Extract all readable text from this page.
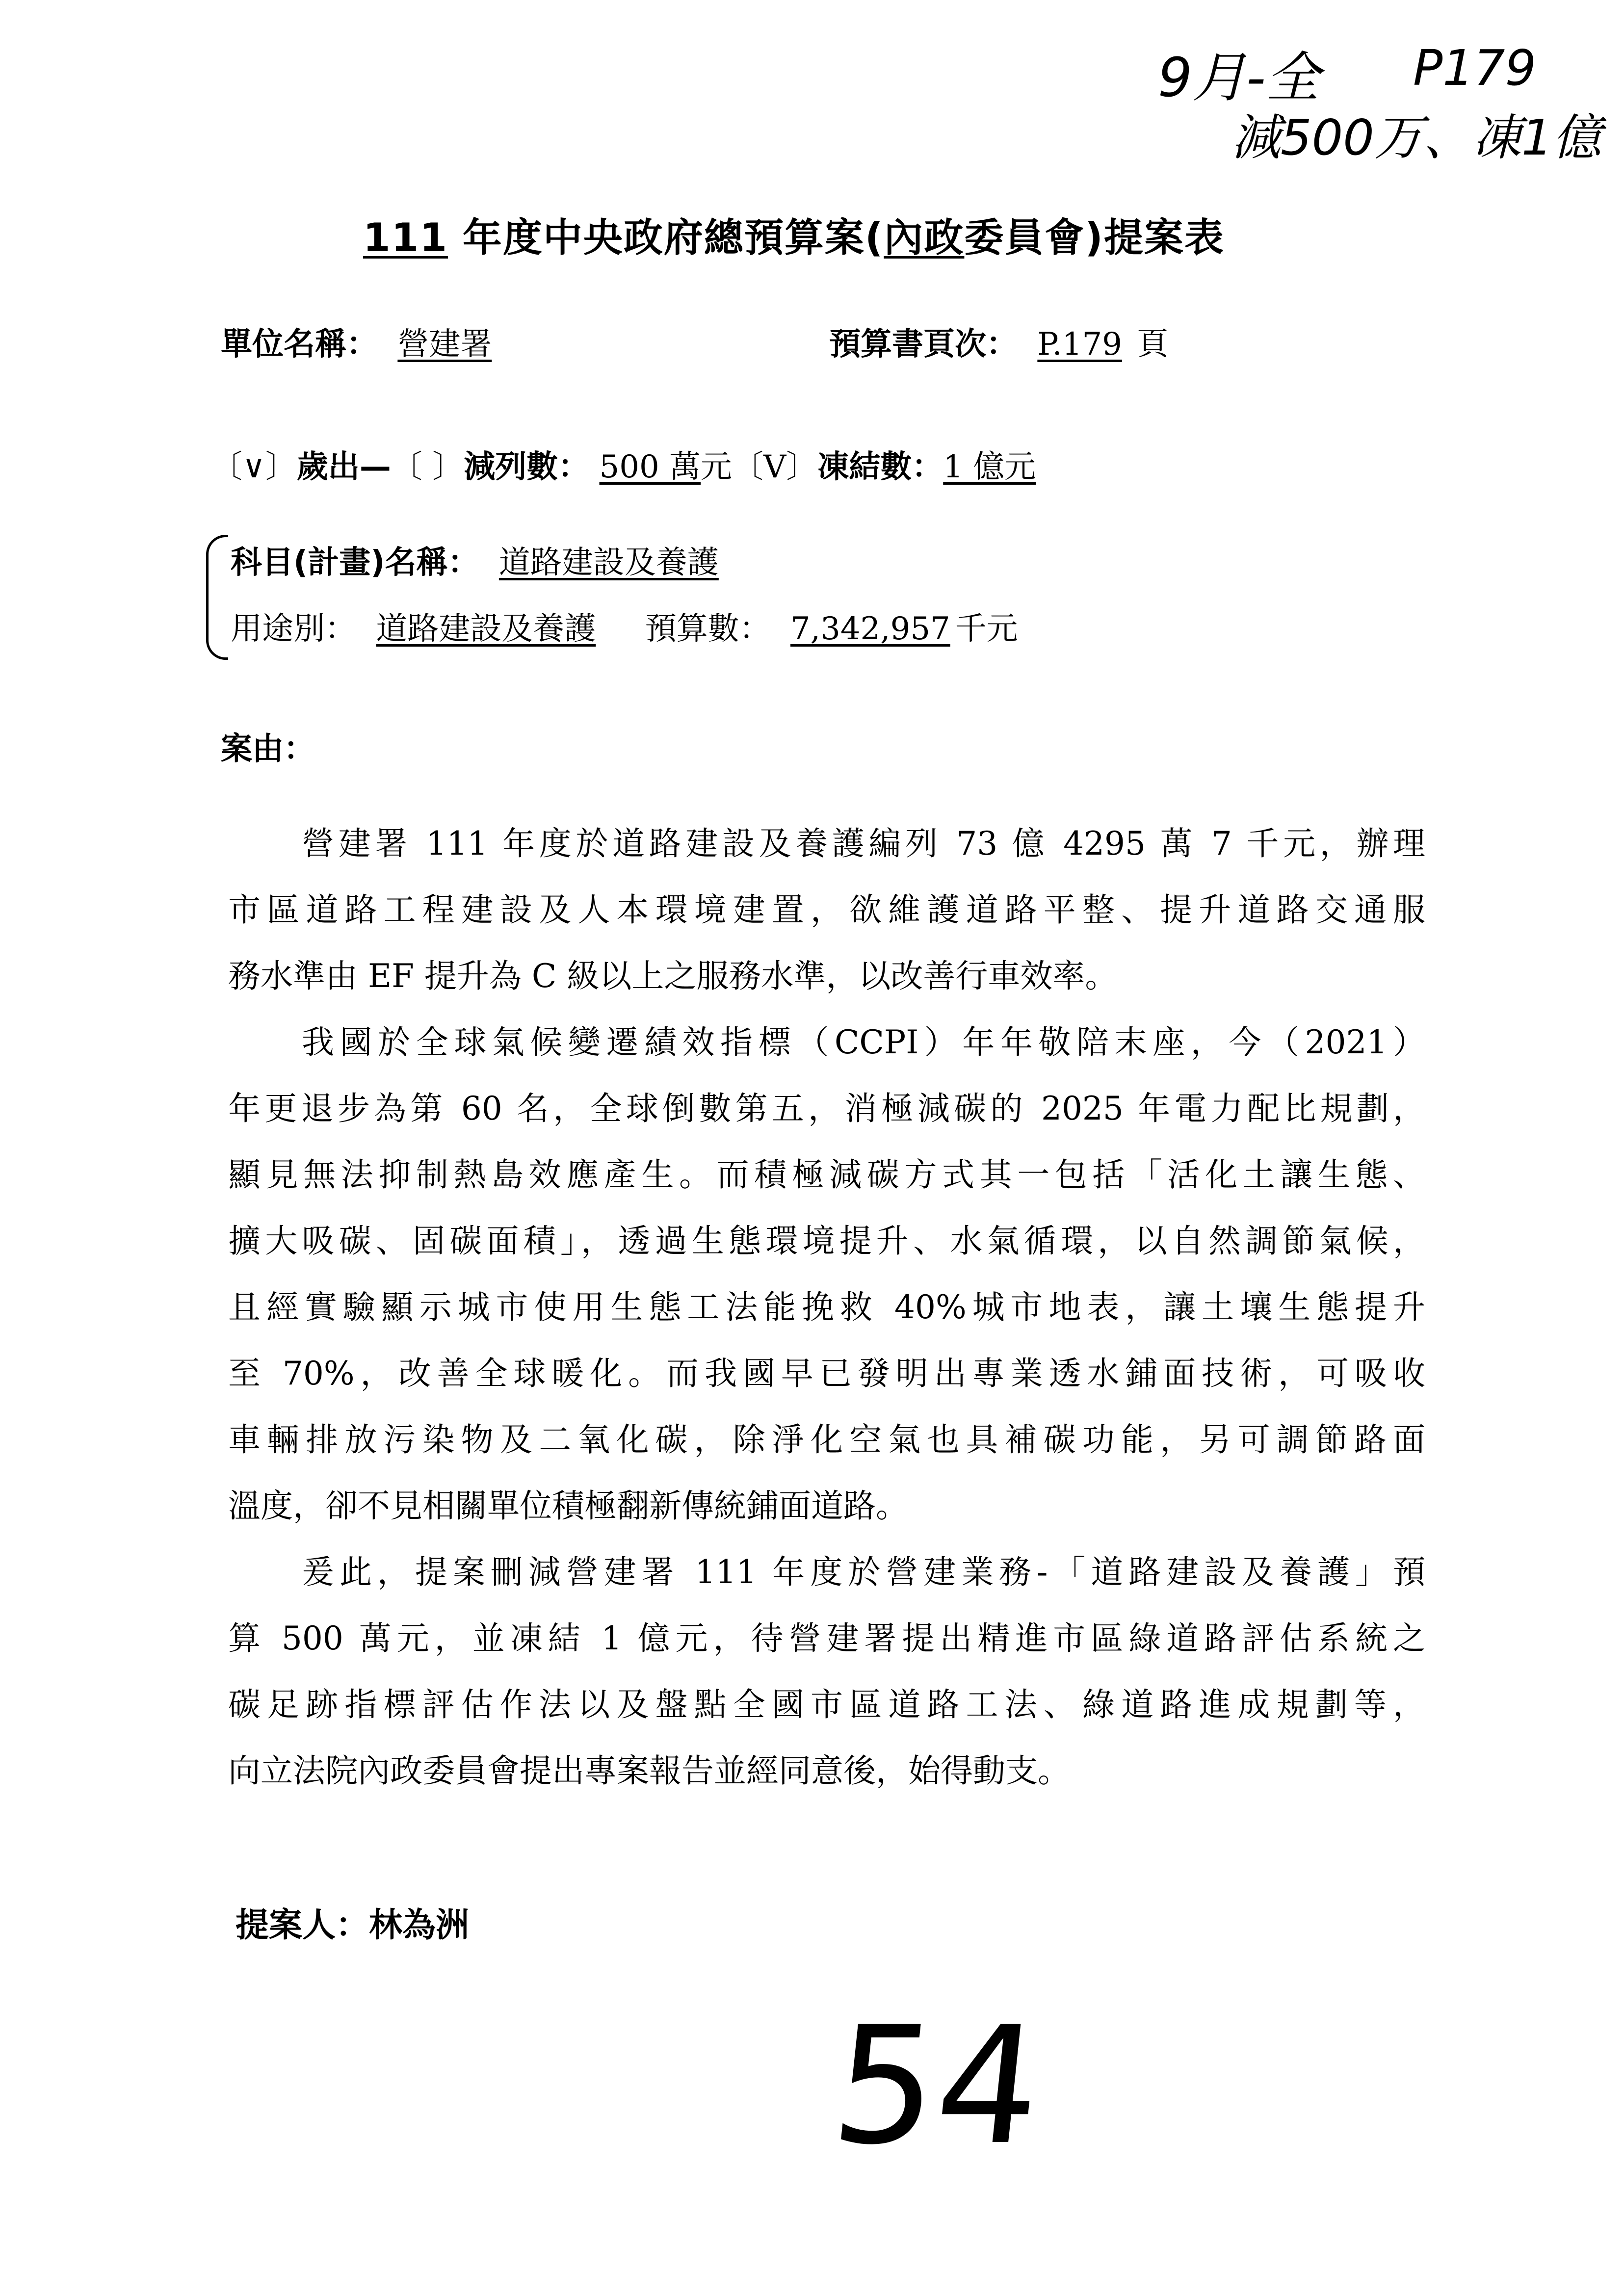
9月-全 P179
減500万、凍1億
111 年度中央政府總預算案(內政委員會)提案表
單位名稱： 營建署	預算書頁次： P.179 頁
〔∨〕歲出—〔 〕減列數： 500 萬元〔V〕凍結數：1 億元
科目(計畫)名稱： 道路建設及養護
用途別： 道路建設及養護 預算數： 7,342,957 千元
案由：
營建署 111 年度於道路建設及養護編列 73 億 4295 萬 7 千元，辦理
市區道路工程建設及人本環境建置，欲維護道路平整、提升道路交通服
務水準由 EF 提升為 C 級以上之服務水準，以改善行車效率。
我國於全球氣候變遷績效指標（CCPI）年年敬陪末座，今（2021）
年更退步為第 60 名，全球倒數第五，消極減碳的 2025 年電力配比規劃，
顯見無法抑制熱島效應產生。而積極減碳方式其一包括「活化土讓生態、
擴大吸碳、固碳面積」，透過生態環境提升、水氣循環，以自然調節氣候，
且經實驗顯示城市使用生態工法能挽救 40%城市地表，讓土壤生態提升
至 70%，改善全球暖化。而我國早已發明出專業透水鋪面技術，可吸收
車輛排放污染物及二氧化碳，除淨化空氣也具補碳功能，另可調節路面
溫度，卻不見相關單位積極翻新傳統鋪面道路。
爰此，提案刪減營建署 111 年度於營建業務-「道路建設及養護」預
算 500 萬元，並凍結 1 億元，待營建署提出精進市區綠道路評估系統之
碳足跡指標評估作法以及盤點全國市區道路工法、綠道路進成規劃等，
向立法院內政委員會提出專案報告並經同意後，始得動支。
提案人：林為洲
54
